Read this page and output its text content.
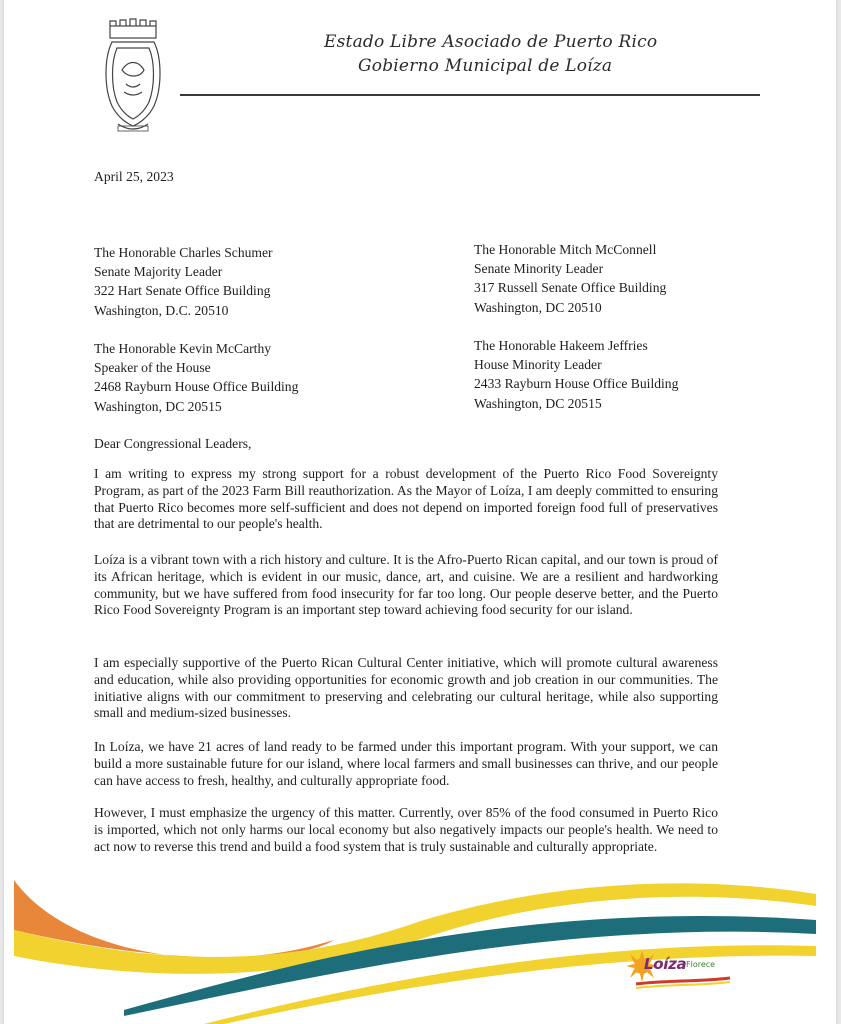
Estado Libre Asociado de Puerto Rico
Gobierno Municipal de Loíza
April 25, 2023
The Honorable Charles Schumer
Senate Majority Leader
322 Hart Senate Office Building
Washington, D.C. 20510
The Honorable Mitch McConnell
Senate Minority Leader
317 Russell Senate Office Building
Washington, DC 20510
The Honorable Kevin McCarthy
Speaker of the House
2468 Rayburn House Office Building
Washington, DC 20515
The Honorable Hakeem Jeffries
House Minority Leader
2433 Rayburn House Office Building
Washington, DC 20515
Dear Congressional Leaders,
I am writing to express my strong support for a robust development of the Puerto Rico Food Sovereignty Program, as part of the 2023 Farm Bill reauthorization. As the Mayor of Loíza, I am deeply committed to ensuring that Puerto Rico becomes more self-sufficient and does not depend on imported foreign food full of preservatives that are detrimental to our people's health.
Loíza is a vibrant town with a rich history and culture. It is the Afro-Puerto Rican capital, and our town is proud of its African heritage, which is evident in our music, dance, art, and cuisine. We are a resilient and hardworking community, but we have suffered from food insecurity for far too long. Our people deserve better, and the Puerto Rico Food Sovereignty Program is an important step toward achieving food security for our island.
I am especially supportive of the Puerto Rican Cultural Center initiative, which will promote cultural awareness and education, while also providing opportunities for economic growth and job creation in our communities. The initiative aligns with our commitment to preserving and celebrating our cultural heritage, while also supporting small and medium-sized businesses.
In Loíza, we have 21 acres of land ready to be farmed under this important program. With your support, we can build a more sustainable future for our island, where local farmers and small businesses can thrive, and our people can have access to fresh, healthy, and culturally appropriate food.
However, I must emphasize the urgency of this matter. Currently, over 85% of the food consumed in Puerto Rico is imported, which not only harms our local economy but also negatively impacts our people's health. We need to act now to reverse this trend and build a food system that is truly sustainable and culturally appropriate.
Loíza Florece
